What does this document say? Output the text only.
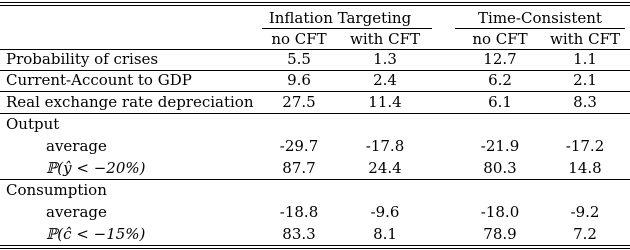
Inflation Targeting	Time-Consistent
no CFT	with CFT	no CFT	with CFT
Probability of crises	5.5	1.3	12.7	1.1
Current-Account to GDP	9.6	2.4	6.2	2.1
Real exchange rate depreciation	27.5	11.4	6.1	8.3
Output
average	-29.7	-17.8	-21.9	-17.2
ℙ(ŷ < −20%)	87.7	24.4	80.3	14.8
Consumption
average	-18.8	-9.6	-18.0	-9.2
ℙ(ĉ < −15%)	83.3	8.1	78.9	7.2
